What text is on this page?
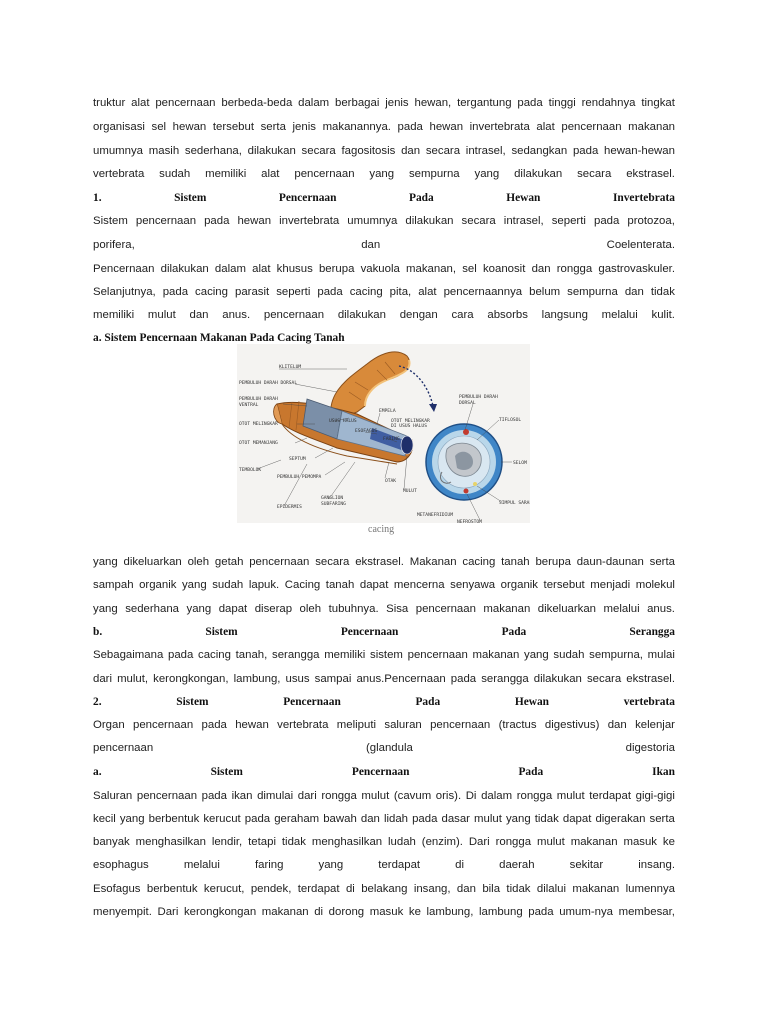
truktur alat pencernaan berbeda-beda dalam berbagai jenis hewan, tergantung pada tinggi rendahnya tingkat
organisasi sel hewan tersebut serta jenis makanannya. pada hewan invertebrata alat pencernaan makanan
umumnya masih sederhana, dilakukan secara fagositosis dan secara intrasel, sedangkan pada hewan-hewan
vertebrata sudah memiliki alat pencernaan yang sempurna yang dilakukan secara ekstrasel.
1.	Sistem	Pencernaan	Pada	Hewan	Invertebrata
Sistem pencernaan pada hewan invertebrata umumnya dilakukan secara intrasel, seperti pada protozoa,
porifera,	dan	Coelenterata.
Pencernaan dilakukan dalam alat khusus berupa vakuola makanan, sel koanosit dan rongga gastrovaskuler.
Selanjutnya, pada cacing parasit seperti pada cacing pita, alat pencernaannya belum sempurna dan tidak
memiliki mulut dan anus. pencernaan dilakukan dengan cara absorbs langsung melalui kulit.
a. Sistem Pencernaan Makanan Pada Cacing Tanah
KLITELUM
PEMBULUH DARAH DORSAL
PEMBULUH DARAH
VENTRAL
OTOT MELINGKAR
OTOT MEMANJANG
TEMBOLOK
SEPTUM
PEMBULUH PEMOMPA
EPIDERMIS
GANGLION
SUBFARING
USUS HALUS
EMPELA
ESOFAGUS
FARING
OTAK
MULUT
OTOT MELINGKAR
DI USUS HALUS
PEMBULUH DARAH
DORSAL
TIFLOSOL
SELOM
SIMPUL SARAF
METANEFRIDIUM
NEFROSTOM
cacing
yang dikeluarkan oleh getah pencernaan secara ekstrasel. Makanan cacing tanah berupa daun-daunan serta
sampah organik yang sudah lapuk. Cacing tanah dapat mencerna senyawa organik tersebut menjadi molekul
yang sederhana yang dapat diserap oleh tubuhnya. Sisa pencernaan makanan dikeluarkan melalui anus.
b.	Sistem	Pencernaan	Pada	Serangga
Sebagaimana pada cacing tanah, serangga memiliki sistem pencernaan makanan yang sudah sempurna, mulai
dari mulut, kerongkongan, lambung, usus sampai anus.Pencernaan pada serangga dilakukan secara ekstrasel.
2.	Sistem	Pencernaan	Pada	Hewan	vertebrata
Organ pencernaan pada hewan vertebrata meliputi saluran pencernaan (tractus digestivus) dan kelenjar
pencernaan	(glandula	digestoria
a.	Sistem	Pencernaan	Pada	Ikan
Saluran pencernaan pada ikan dimulai dari rongga mulut (cavum oris). Di dalam rongga mulut terdapat gigi-gigi
kecil yang berbentuk kerucut pada geraham bawah dan lidah pada dasar mulut yang tidak dapat digerakan serta
banyak menghasilkan lendir, tetapi tidak menghasilkan ludah (enzim). Dari rongga mulut makanan masuk ke
esophagus	melalui	faring	yang	terdapat	di	daerah	sekitar	insang.
Esofagus berbentuk kerucut, pendek, terdapat di belakang insang, dan bila tidak dilalui makanan lumennya
menyempit. Dari kerongkongan makanan di dorong masuk ke lambung, lambung pada umum-nya membesar,
